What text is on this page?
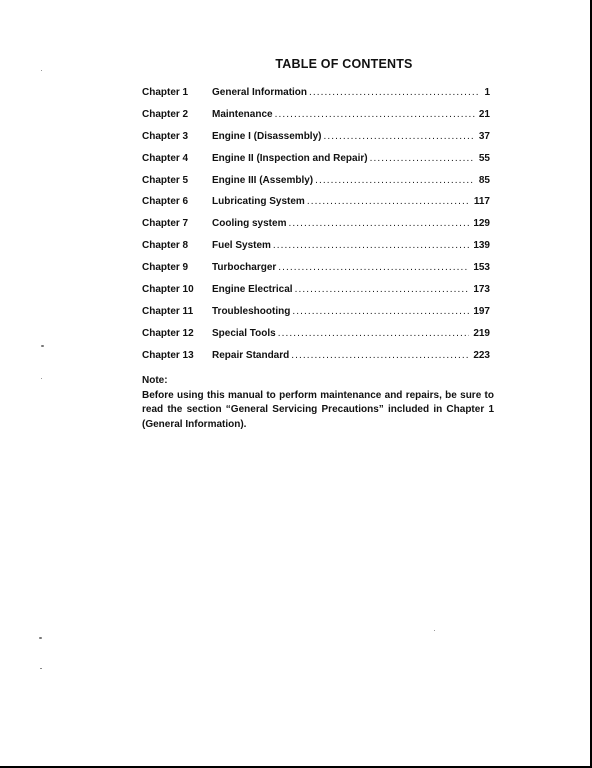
TABLE OF CONTENTS
Chapter 1 General Information .....	1
Chapter 2 Maintenance .....	21
Chapter 3 Engine I (Disassembly) .....	37
Chapter 4 Engine II (Inspection and Repair) .....	55
Chapter 5 Engine III (Assembly) .....	85
Chapter 6 Lubricating System .....	117
Chapter 7 Cooling system .....	129
Chapter 8 Fuel System .....	139
Chapter 9 Turbocharger .....	153
Chapter 10 Engine Electrical .....	173
Chapter 11 Troubleshooting .....	197
Chapter 12 Special Tools .....	219
Chapter 13 Repair Standard .....	223
Note:
Before using this manual to perform maintenance and repairs, be sure to read the section “General Servicing Precautions” included in Chapter 1 (General Information).
